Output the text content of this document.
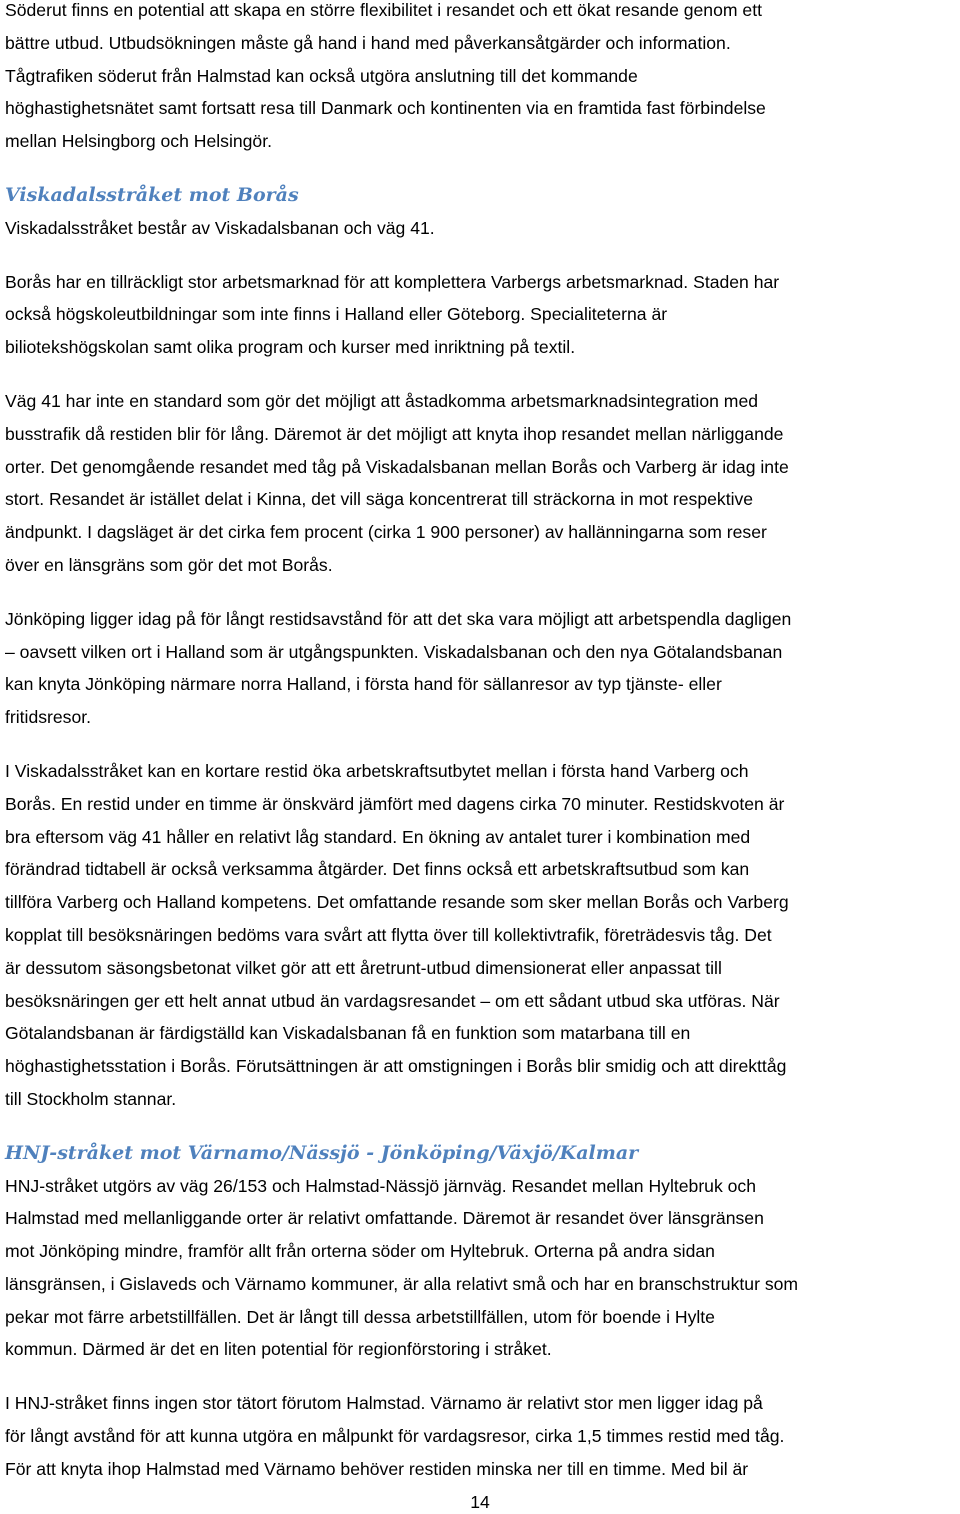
Söderut finns en potential att skapa en större flexibilitet i resandet och ett ökat resande genom ett
bättre utbud. Utbudsökningen måste gå hand i hand med påverkansåtgärder och information.
Tågtrafiken söderut från Halmstad kan också utgöra anslutning till det kommande
höghastighetsnätet samt fortsatt resa till Danmark och kontinenten via en framtida fast förbindelse
mellan Helsingborg och Helsingör.

Viskadalsstråket mot Borås

Viskadalsstråket består av Viskadalsbanan och väg 41.

Borås har en tillräckligt stor arbetsmarknad för att komplettera Varbergs arbetsmarknad. Staden har
också högskoleutbildningar som inte finns i Halland eller Göteborg. Specialiteterna är
biliotekshögskolan samt olika program och kurser med inriktning på textil.

Väg 41 har inte en standard som gör det möjligt att åstadkomma arbetsmarknadsintegration med
busstrafik då restiden blir för lång. Däremot är det möjligt att knyta ihop resandet mellan närliggande
orter. Det genomgående resandet med tåg på Viskadalsbanan mellan Borås och Varberg är idag inte
stort. Resandet är istället delat i Kinna, det vill säga koncentrerat till sträckorna in mot respektive
ändpunkt. I dagsläget är det cirka fem procent (cirka 1 900 personer) av hallänningarna som reser
över en länsgräns som gör det mot Borås.

Jönköping ligger idag på för långt restidsavstånd för att det ska vara möjligt att arbetspendla dagligen
– oavsett vilken ort i Halland som är utgångspunkten. Viskadalsbanan och den nya Götalandsbanan
kan knyta Jönköping närmare norra Halland, i första hand för sällanresor av typ tjänste- eller
fritidsresor.

I Viskadalsstråket kan en kortare restid öka arbetskraftsutbytet mellan i första hand Varberg och
Borås. En restid under en timme är önskvärd jämfört med dagens cirka 70 minuter. Restidskvoten är
bra eftersom väg 41 håller en relativt låg standard. En ökning av antalet turer i kombination med
förändrad tidtabell är också verksamma åtgärder. Det finns också ett arbetskraftsutbud som kan
tillföra Varberg och Halland kompetens. Det omfattande resande som sker mellan Borås och Varberg
kopplat till besöksnäringen bedöms vara svårt att flytta över till kollektivtrafik, företrädesvis tåg. Det
är dessutom säsongsbetonat vilket gör att ett åretrunt-utbud dimensionerat eller anpassat till
besöksnäringen ger ett helt annat utbud än vardagsresandet – om ett sådant utbud ska utföras. När
Götalandsbanan är färdigställd kan Viskadalsbanan få en funktion som matarbana till en
höghastighetsstation i Borås. Förutsättningen är att omstigningen i Borås blir smidig och att direkttåg
till Stockholm stannar.

HNJ-stråket mot Värnamo/Nässjö - Jönköping/Växjö/Kalmar

HNJ-stråket utgörs av väg 26/153 och Halmstad-Nässjö järnväg. Resandet mellan Hyltebruk och
Halmstad med mellanliggande orter är relativt omfattande. Däremot är resandet över länsgränsen
mot Jönköping mindre, framför allt från orterna söder om Hyltebruk. Orterna på andra sidan
länsgränsen, i Gislaveds och Värnamo kommuner, är alla relativt små och har en branschstruktur som
pekar mot färre arbetstillfällen. Det är långt till dessa arbetstillfällen, utom för boende i Hylte
kommun. Därmed är det en liten potential för regionförstoring i stråket.

I HNJ-stråket finns ingen stor tätort förutom Halmstad. Värnamo är relativt stor men ligger idag på
för långt avstånd för att kunna utgöra en målpunkt för vardagsresor, cirka 1,5 timmes restid med tåg.
För att knyta ihop Halmstad med Värnamo behöver restiden minska ner till en timme. Med bil är

14
